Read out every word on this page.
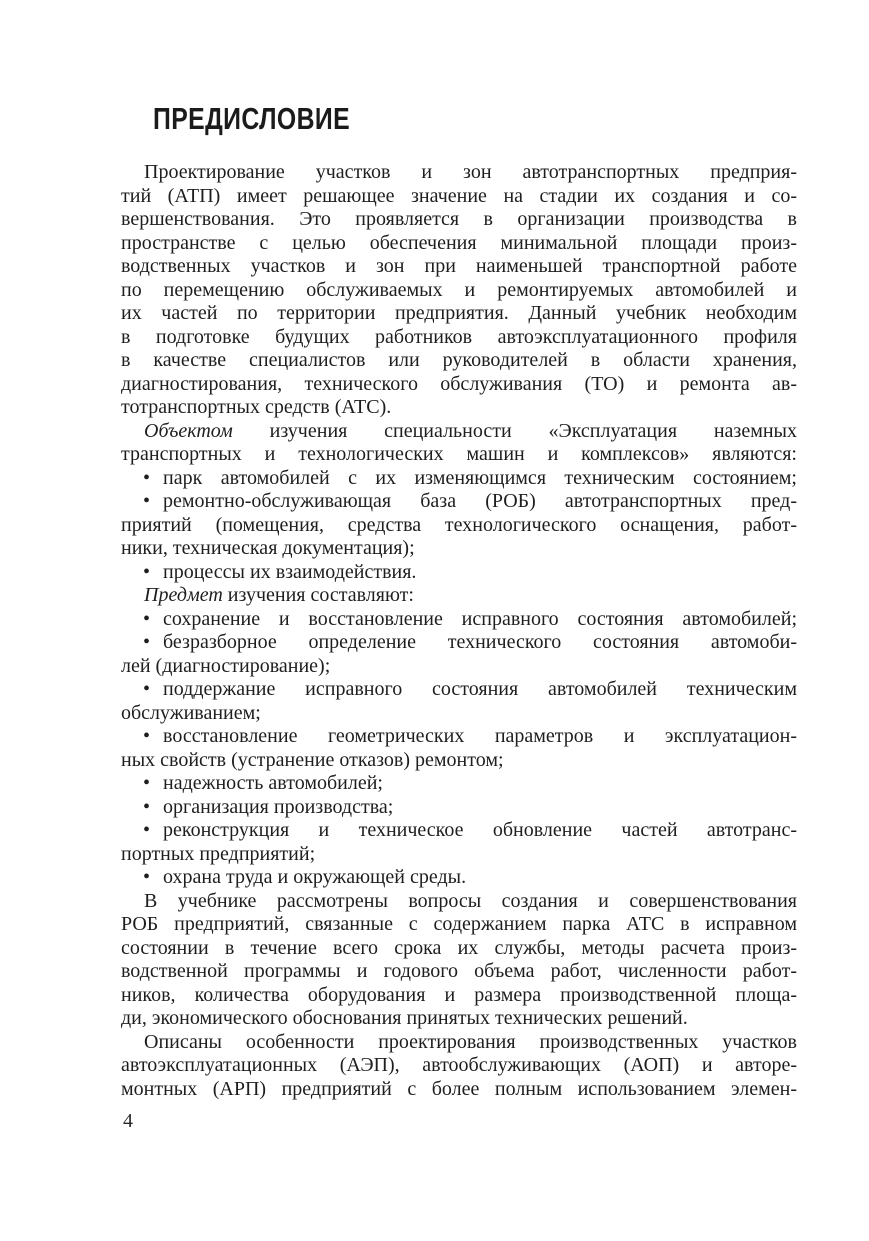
ПРЕДИСЛОВИЕ
Проектирование участков и зон автотранспортных предприя-
тий (АТП) имеет решающее значение на стадии их создания и со-
вершенствования. Это проявляется в организации производства в
пространстве с целью обеспечения минимальной площади произ-
водственных участков и зон при наименьшей транспортной работе
по перемещению обслуживаемых и ремонтируемых автомобилей и
их частей по территории предприятия. Данный учебник необходим
в подготовке будущих работников автоэксплуатационного профиля
в качестве специалистов или руководителей в области хранения,
диагностирования, технического обслуживания (ТО) и ремонта ав-
тотранспортных средств (АТС).
Объектом изучения специальности «Эксплуатация наземных
транспортных и технологических машин и комплексов» являются:
• парк автомобилей с их изменяющимся техническим состоянием;
• ремонтно-обслуживающая база (РОБ) автотранспортных пред-
приятий (помещения, средства технологического оснащения, работ-
ники, техническая документация);
• процессы их взаимодействия.
Предмет изучения составляют:
• сохранение и восстановление исправного состояния автомобилей;
• безразборное определение технического состояния автомоби-
лей (диагностирование);
• поддержание исправного состояния автомобилей техническим
обслуживанием;
• восстановление геометрических параметров и эксплуатацион-
ных свойств (устранение отказов) ремонтом;
• надежность автомобилей;
• организация производства;
• реконструкция и техническое обновление частей автотранс-
портных предприятий;
• охрана труда и окружающей среды.
В учебнике рассмотрены вопросы создания и совершенствования
РОБ предприятий, связанные с содержанием парка АТС в исправном
состоянии в течение всего срока их службы, методы расчета произ-
водственной программы и годового объема работ, численности работ-
ников, количества оборудования и размера производственной площа-
ди, экономического обоснования принятых технических решений.
Описаны особенности проектирования производственных участков
автоэксплуатационных (АЭП), автообслуживающих (АОП) и авторе-
монтных (АРП) предприятий с более полным использованием элемен-
4
